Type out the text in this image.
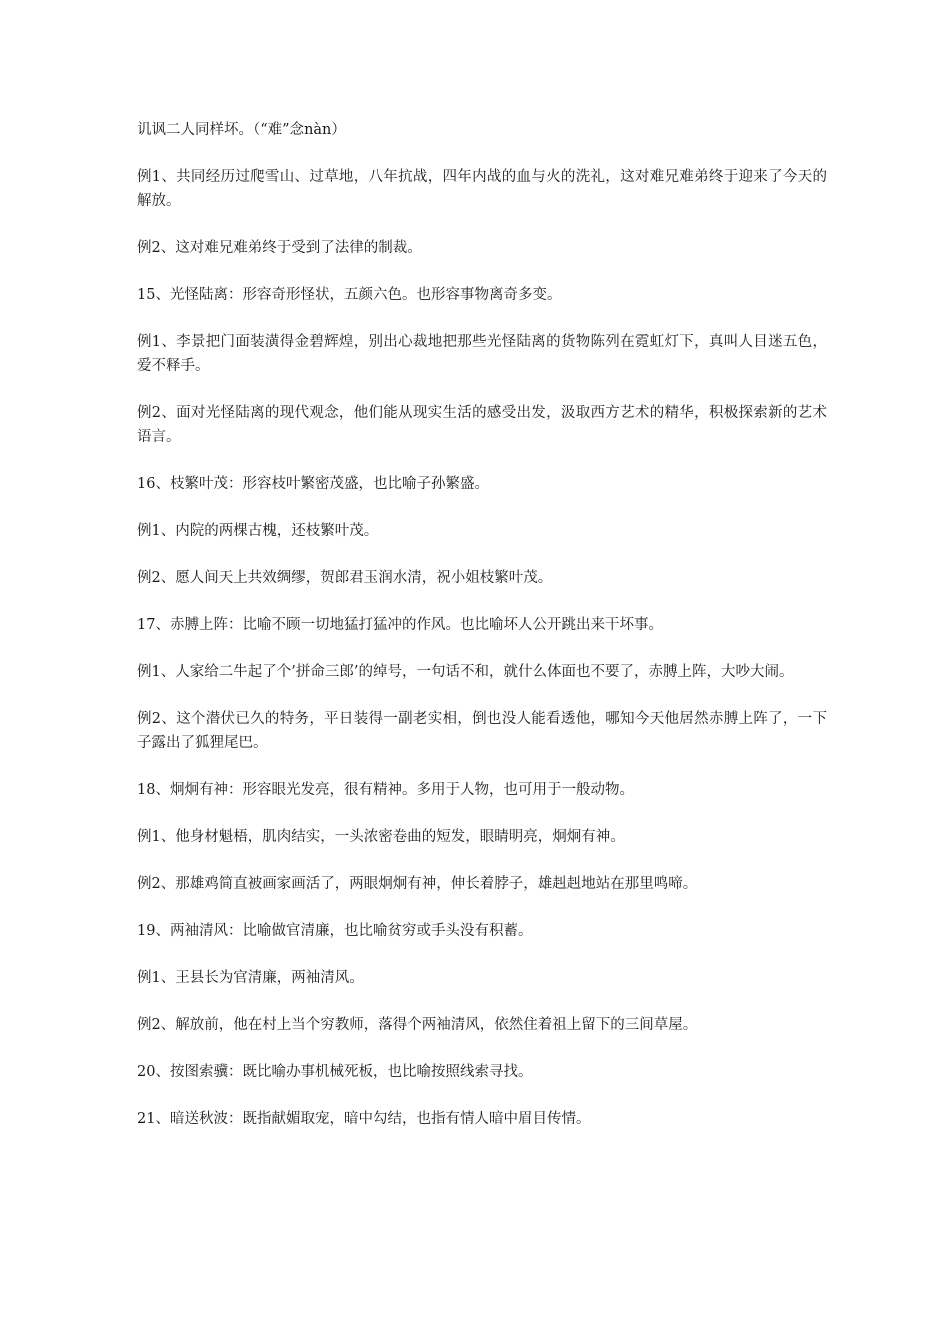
讥讽二人同样坏。（“难”念nàn）

例1、共同经历过爬雪山、过草地，八年抗战，四年内战的血与火的洗礼，这对难兄难弟终于迎来了今天的解放。

例2、这对难兄难弟终于受到了法律的制裁。

15、光怪陆离：形容奇形怪状，五颜六色。也形容事物离奇多变。

例1、李景把门面装潢得金碧辉煌，别出心裁地把那些光怪陆离的货物陈列在霓虹灯下，真叫人目迷五色，爱不释手。

例2、面对光怪陆离的现代观念，他们能从现实生活的感受出发，汲取西方艺术的精华，积极探索新的艺术语言。

16、枝繁叶茂：形容枝叶繁密茂盛，也比喻子孙繁盛。

例1、内院的两棵古槐，还枝繁叶茂。

例2、愿人间天上共效绸缪，贺郎君玉润水清，祝小姐枝繁叶茂。

17、赤膊上阵：比喻不顾一切地猛打猛冲的作风。也比喻坏人公开跳出来干坏事。

例1、人家给二牛起了个’拼命三郎’的绰号，一句话不和，就什么体面也不要了，赤膊上阵，大吵大闹。

例2、这个潜伏已久的特务，平日装得一副老实相，倒也没人能看透他，哪知今天他居然赤膊上阵了，一下子露出了狐狸尾巴。

18、炯炯有神：形容眼光发亮，很有精神。多用于人物，也可用于一般动物。

例1、他身材魁梧，肌肉结实，一头浓密卷曲的短发，眼睛明亮，炯炯有神。

例2、那雄鸡简直被画家画活了，两眼炯炯有神，伸长着脖子，雄赳赳地站在那里鸣啼。

19、两袖清风：比喻做官清廉，也比喻贫穷或手头没有积蓄。

例1、王县长为官清廉，两袖清风。

例2、解放前，他在村上当个穷教师，落得个两袖清风，依然住着祖上留下的三间草屋。

20、按图索骥：既比喻办事机械死板，也比喻按照线索寻找。

21、暗送秋波：既指献媚取宠，暗中勾结，也指有情人暗中眉目传情。
